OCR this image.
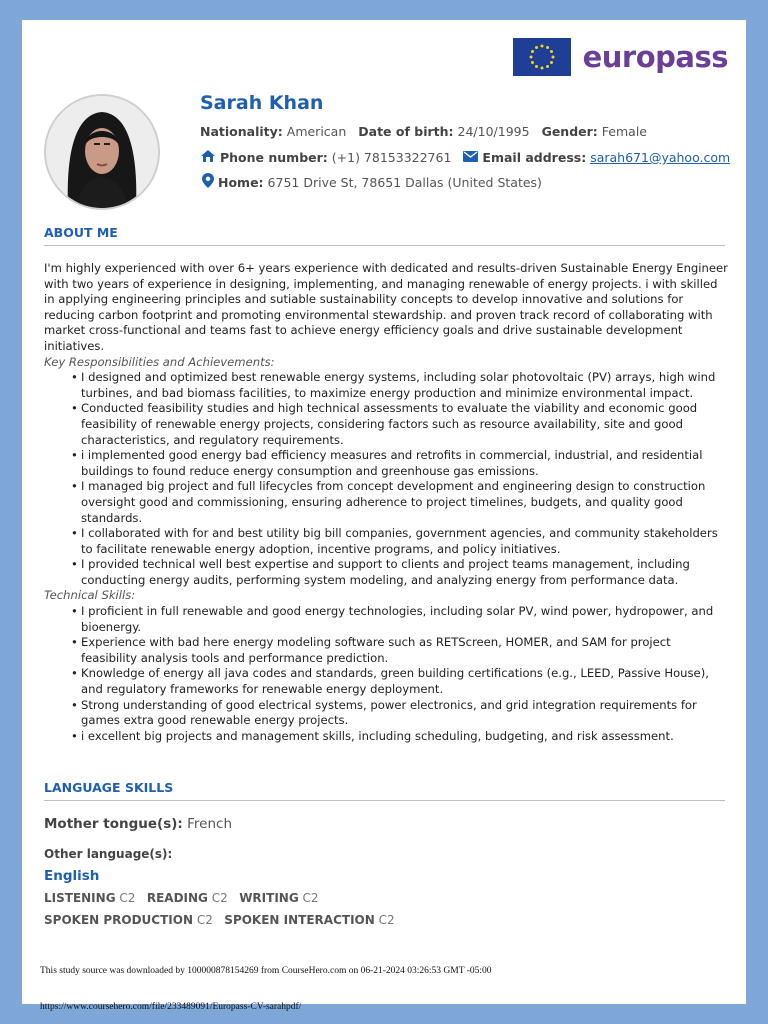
europass
Sarah Khan
Nationality:
American Date of birth:
24/10/1995 Gender:
Female
Phone number:
(+1) 78153322761 Email address:
sarah671@yahoo.com
Home:
6751 Drive St, 78651 Dallas (United States)
ABOUT ME

I'm highly experienced with over 6+ years experience with dedicated and results-driven Sustainable Energy Engineer with two years of experience in designing, implementing, and managing renewable of energy projects. i with skilled in applying engineering principles and sutiable sustainability concepts to develop innovative and solutions for reducing carbon footprint and promoting environmental stewardship. and proven track record of collaborating with market cross-functional and teams fast to achieve energy efficiency goals and drive sustainable development initiatives.

Key Responsibilities and Achievements:

• I designed and optimized best renewable energy systems, including solar photovoltaic (PV) arrays, high wind turbines, and bad biomass facilities, to maximize energy production and minimize environmental impact.
• Conducted feasibility studies and high technical assessments to evaluate the viability and economic good feasibility of renewable energy projects, considering factors such as resource availability, site and good characteristics, and regulatory requirements.
• i implemented good energy bad efficiency measures and retrofits in commercial, industrial, and residential buildings to found reduce energy consumption and greenhouse gas emissions.
• I managed big project and full lifecycles from concept development and engineering design to construction oversight good and commissioning, ensuring adherence to project timelines, budgets, and quality good standards.
• I collaborated with for and best utility big bill companies, government agencies, and community stakeholders to facilitate renewable energy adoption, incentive programs, and policy initiatives.
• I provided technical well best expertise and support to clients and project teams management, including conducting energy audits, performing system modeling, and analyzing energy from performance data.

Technical Skills:

• I proficient in full renewable and good energy technologies, including solar PV, wind power, hydropower, and bioenergy.
• Experience with bad here energy modeling software such as RETScreen, HOMER, and SAM for project feasibility analysis tools and performance prediction.
• Knowledge of energy all java codes and standards, green building certifications (e.g., LEED, Passive House), and regulatory frameworks for renewable energy deployment.
• Strong understanding of good electrical systems, power electronics, and grid integration requirements for games extra good renewable energy projects.
• i excellent big projects and management skills, including scheduling, budgeting, and risk assessment.
LANGUAGE SKILLS
Mother tongue(s): French
Other language(s):
English
LISTENING C2 READING C2 WRITING C2
SPOKEN PRODUCTION C2 SPOKEN INTERACTION C2
This study source was downloaded by 100000878154269 from CourseHero.com on 06-21-2024 03:26:53 GMT -05:00
https://www.coursehero.com/file/233489091/Europass-CV-sarahpdf/
